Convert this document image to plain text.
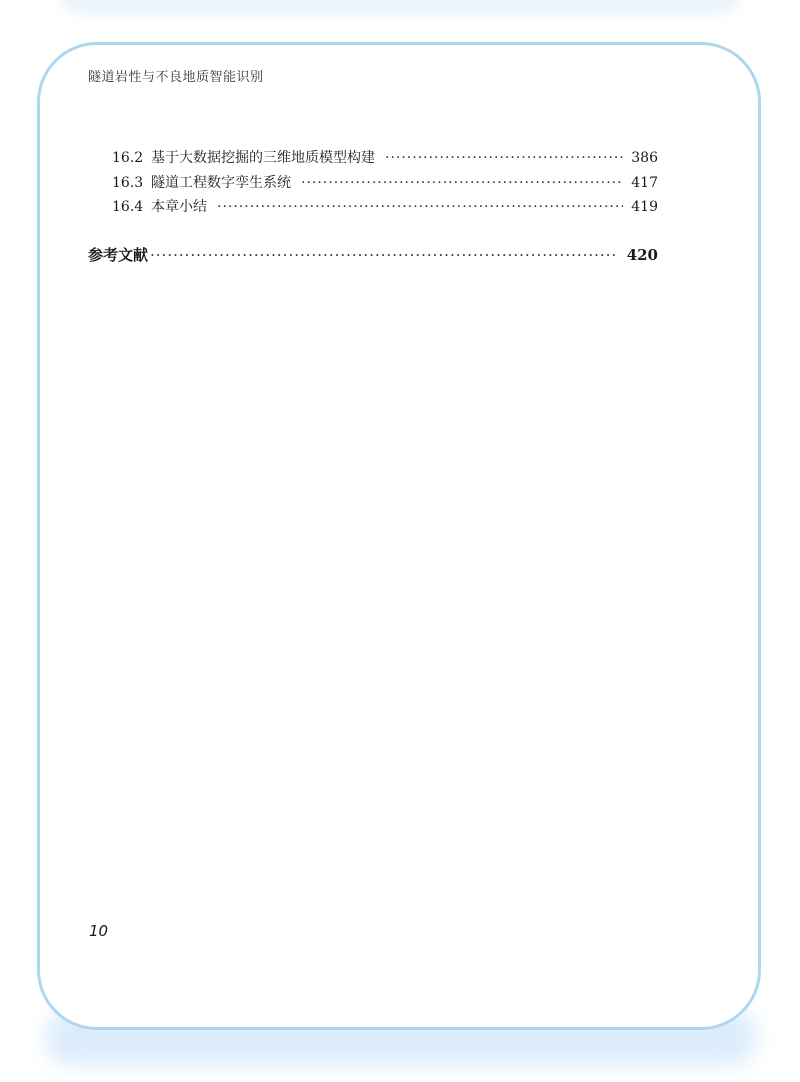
隧道岩性与不良地质智能识别
16.2 基于大数据挖掘的三维地质模型构建 ·····	386
16.3 隧道工程数字孪生系统 ·····	417
16.4 本章小结 ·····	419
参考文献 ·····	420
10
